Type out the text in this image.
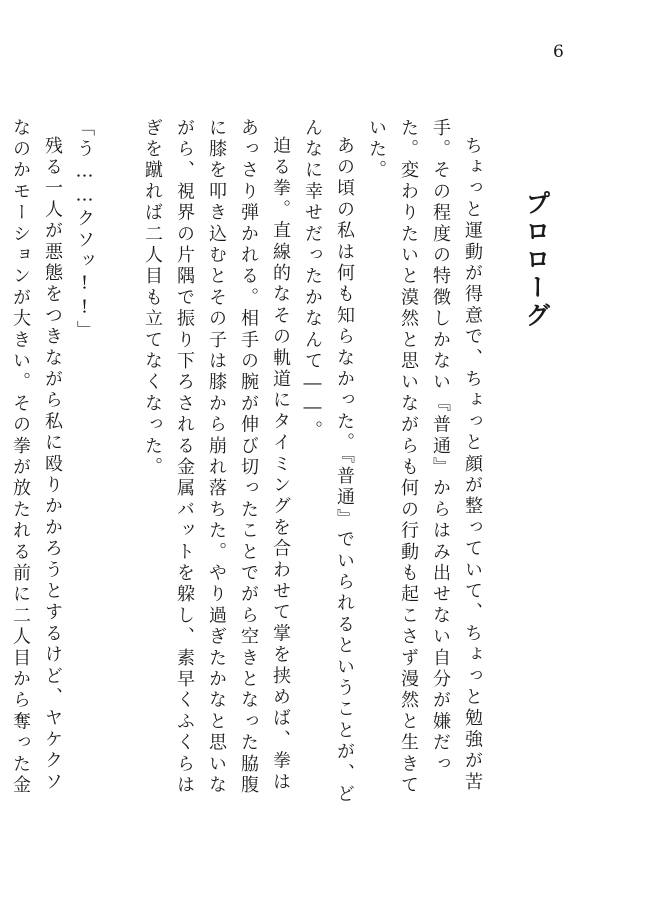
6
プロローグ

ちょっと運動が得意で、ちょっと顔が整っていて、ちょっと勉強が苦手。その程度の特徴しかない『普通』からはみ出せない自分が嫌だった。変わりたいと漠然と思いながらも何の行動も起こさず漫然と生きていた。

あの頃の私は何も知らなかった。『普通』でいられるということが、どんなに幸せだったかなんて――。

迫る拳。直線的なその軌道にタイミングを合わせて掌を挟めば、拳はあっさり弾かれる。相手の腕が伸び切ったことでがら空きとなった脇腹に膝を叩き込むとその子は膝から崩れ落ちた。やり過ぎたかなと思いながら、視界の片隅で振り下ろされる金属バットを躱し、素早くふくらはぎを蹴れば二人目も立てなくなった。

「う……クソッ!!」

残る一人が悪態をつきながら私に殴りかかろうとするけど、ヤケクソなのかモーションが大きい。その拳が放たれる前に二人目から奪った金
